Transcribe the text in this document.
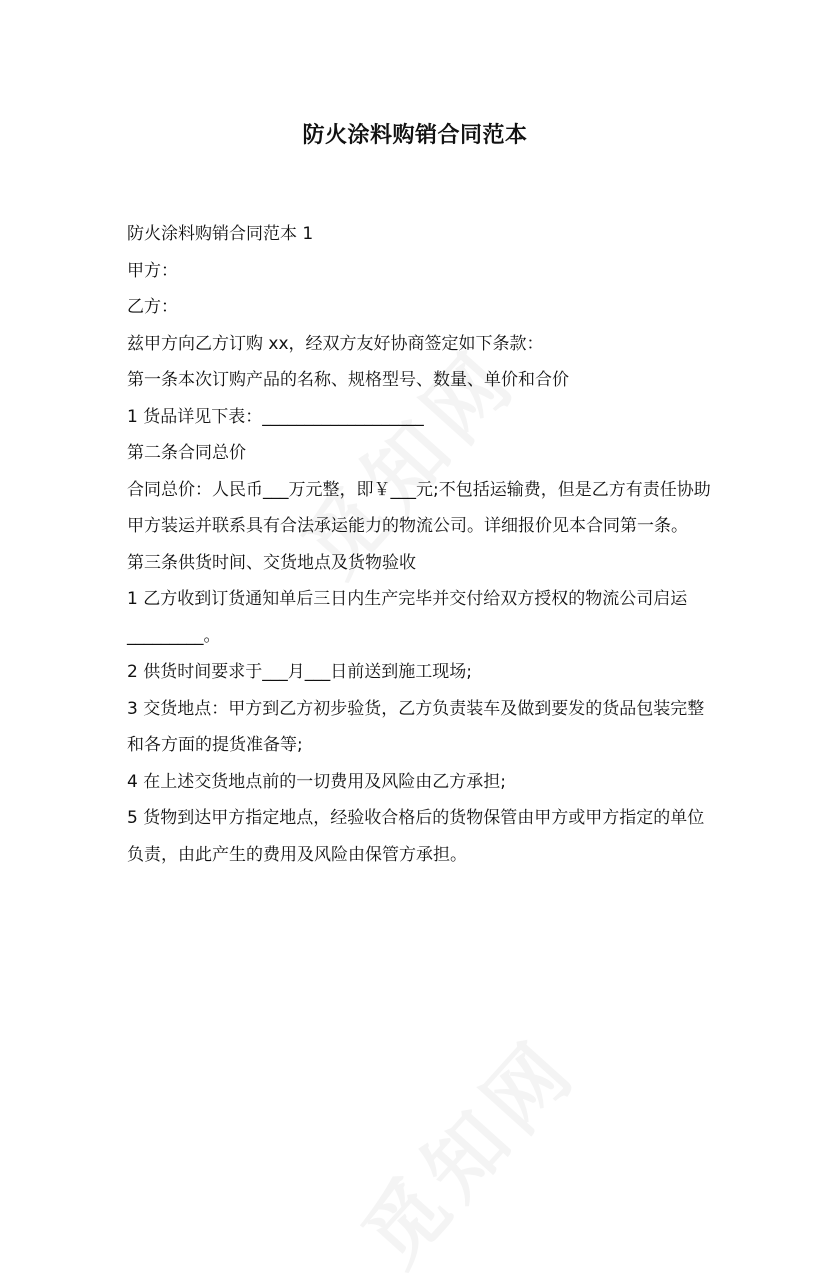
防火涂料购销合同范本

防火涂料购销合同范本 1

甲方：

乙方：

兹甲方向乙方订购 xx，经双方友好协商签定如下条款：

第一条本次订购产品的名称、规格型号、数量、单价和合价

1 货品详见下表：___________________

第二条合同总价

合同总价：人民币___万元整，即￥___元;不包括运输费，但是乙方有责任协助甲方装运并联系具有合法承运能力的物流公司。详细报价见本合同第一条。

第三条供货时间、交货地点及货物验收

1 乙方收到订货通知单后三日内生产完毕并交付给双方授权的物流公司启运_________。

2 供货时间要求于___月___日前送到施工现场;

3 交货地点：甲方到乙方初步验货，乙方负责装车及做到要发的货品包装完整和各方面的提货准备等;

4 在上述交货地点前的一切费用及风险由乙方承担;

5 货物到达甲方指定地点，经验收合格后的货物保管由甲方或甲方指定的单位负责，由此产生的费用及风险由保管方承担。
